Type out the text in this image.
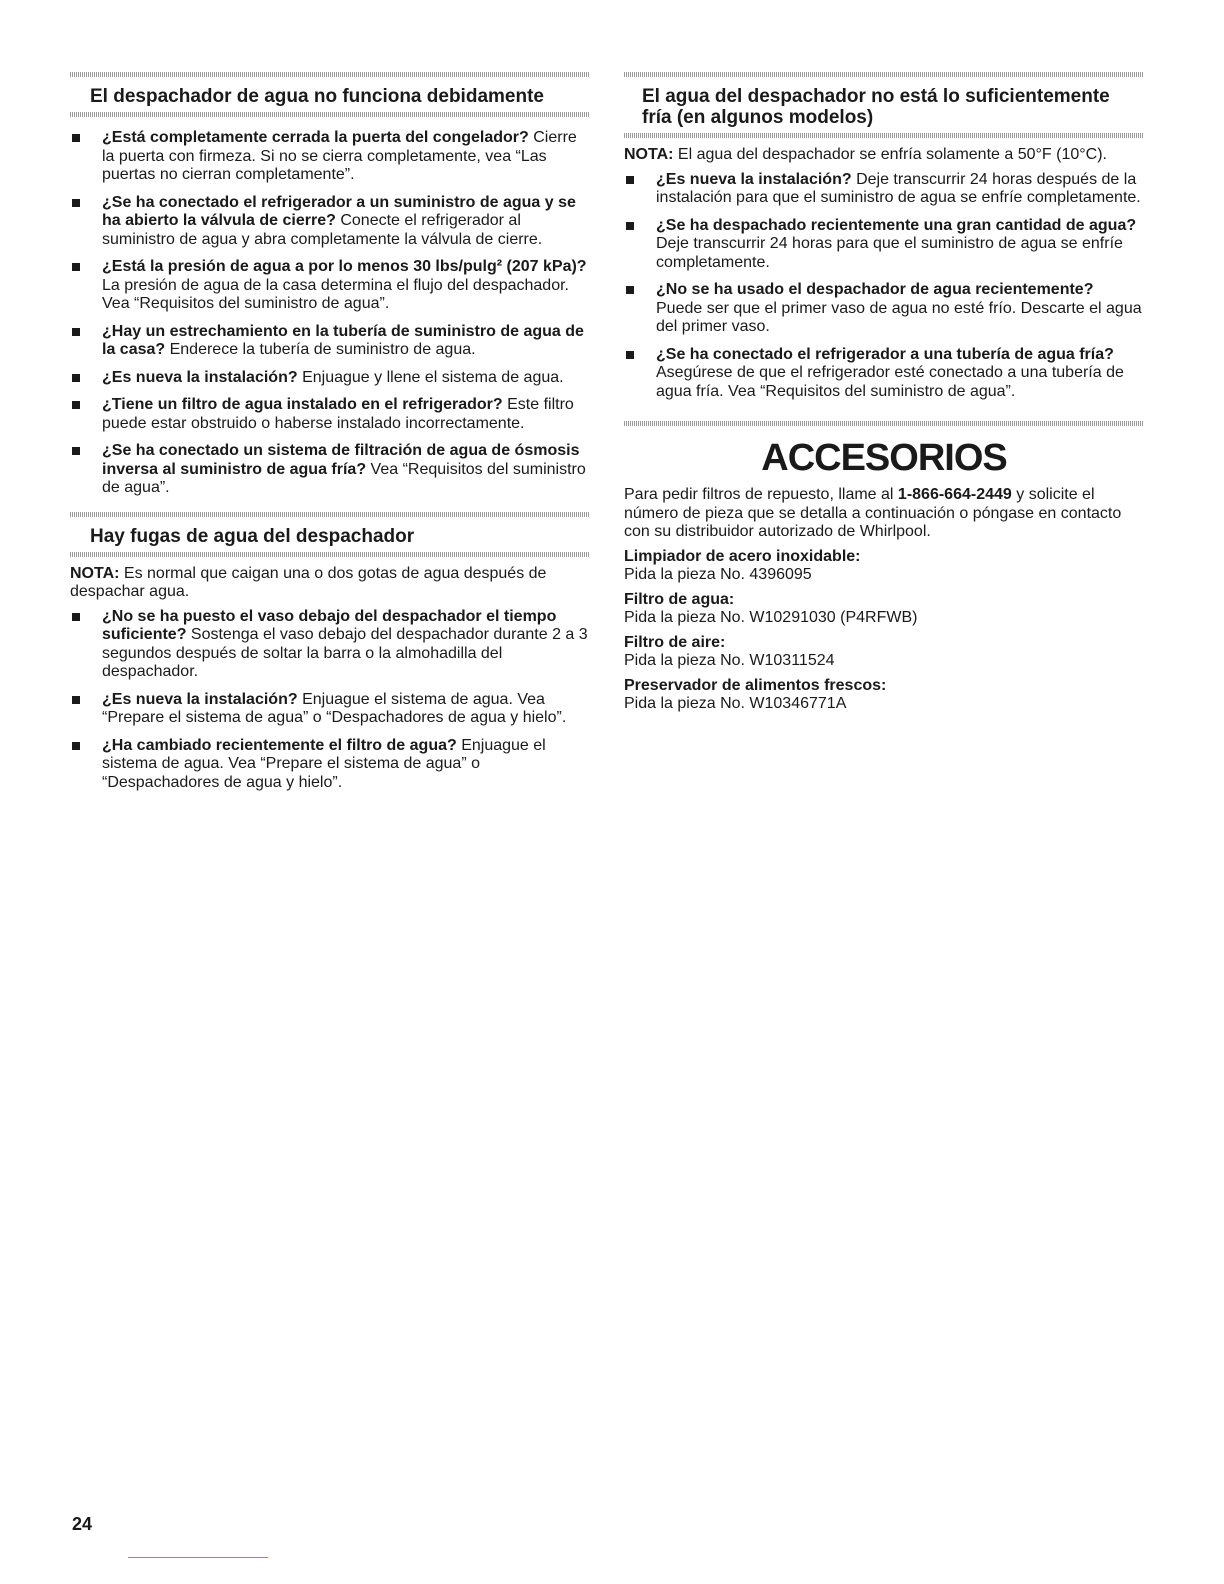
El despachador de agua no funciona debidamente
¿Está completamente cerrada la puerta del congelador? Cierre la puerta con firmeza. Si no se cierra completamente, vea “Las puertas no cierran completamente”.
¿Se ha conectado el refrigerador a un suministro de agua y se ha abierto la válvula de cierre? Conecte el refrigerador al suministro de agua y abra completamente la válvula de cierre.
¿Está la presión de agua a por lo menos 30 lbs/pulg² (207 kPa)? La presión de agua de la casa determina el flujo del despachador. Vea “Requisitos del suministro de agua”.
¿Hay un estrechamiento en la tubería de suministro de agua de la casa? Enderece la tubería de suministro de agua.
¿Es nueva la instalación? Enjuague y llene el sistema de agua.
¿Tiene un filtro de agua instalado en el refrigerador? Este filtro puede estar obstruido o haberse instalado incorrectamente.
¿Se ha conectado un sistema de filtración de agua de ósmosis inversa al suministro de agua fría? Vea “Requisitos del suministro de agua”.
Hay fugas de agua del despachador

NOTA: Es normal que caigan una o dos gotas de agua después de despachar agua.

¿No se ha puesto el vaso debajo del despachador el tiempo suficiente? Sostenga el vaso debajo del despachador durante 2 a 3 segundos después de soltar la barra o la almohadilla del despachador.
¿Es nueva la instalación? Enjuague el sistema de agua. Vea “Prepare el sistema de agua” o “Despachadores de agua y hielo”.
¿Ha cambiado recientemente el filtro de agua? Enjuague el sistema de agua. Vea “Prepare el sistema de agua” o “Despachadores de agua y hielo”.
El agua del despachador no está lo suficientemente fría (en algunos modelos)

NOTA: El agua del despachador se enfría solamente a 50°F (10°C).

¿Es nueva la instalación? Deje transcurrir 24 horas después de la instalación para que el suministro de agua se enfríe completamente.
¿Se ha despachado recientemente una gran cantidad de agua? Deje transcurrir 24 horas para que el suministro de agua se enfríe completamente.
¿No se ha usado el despachador de agua recientemente? Puede ser que el primer vaso de agua no esté frío. Descarte el agua del primer vaso.
¿Se ha conectado el refrigerador a una tubería de agua fría? Asegúrese de que el refrigerador esté conectado a una tubería de agua fría. Vea “Requisitos del suministro de agua”.
ACCESORIOS

Para pedir filtros de repuesto, llame al 1-866-664-2449 y solicite el número de pieza que se detalla a continuación o póngase en contacto con su distribuidor autorizado de Whirlpool.

Limpiador de acero inoxidable:
Pida la pieza No. 4396095
Filtro de agua:
Pida la pieza No. W10291030 (P4RFWB)
Filtro de aire:
Pida la pieza No. W10311524
Preservador de alimentos frescos:
Pida la pieza No. W10346771A
24
